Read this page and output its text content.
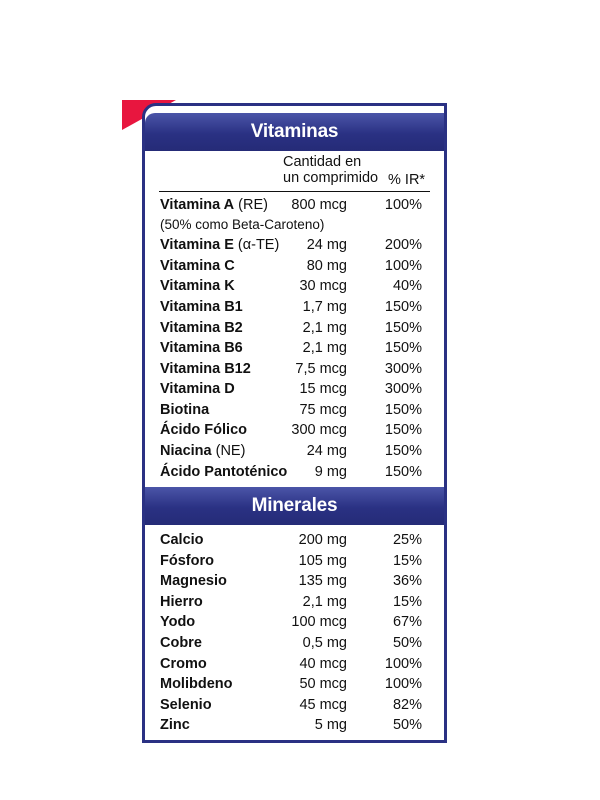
Vitaminas
Cantidad en
un comprimido % IR*
Vitamina A (RE) 800 mcg	100%
(50% como Beta-Caroteno)
Vitamina E (α-TE) 24 mg	200%
Vitamina C	80 mg	100%
Vitamina K	30 mcg	40%
Vitamina B1	1,7 mg	150%
Vitamina B2	2,1 mg	150%
Vitamina B6	2,1 mg	150%
Vitamina B12	7,5 mcg	300%
Vitamina D	15 mcg	300%
Biotina	75 mcg	150%
Ácido Fólico	300 mcg	150%
Niacina (NE)	24 mg	150%
Ácido Pantoténico 9 mg	150%
Minerales
Calcio	200 mg	25%
Fósforo	105 mg	15%
Magnesio	135 mg	36%
Hierro	2,1 mg	15%
Yodo	100 mcg	67%
Cobre	0,5 mg	50%
Cromo	40 mcg	100%
Molibdeno	50 mcg	100%
Selenio	45 mcg	82%
Zinc	5 mg	50%
